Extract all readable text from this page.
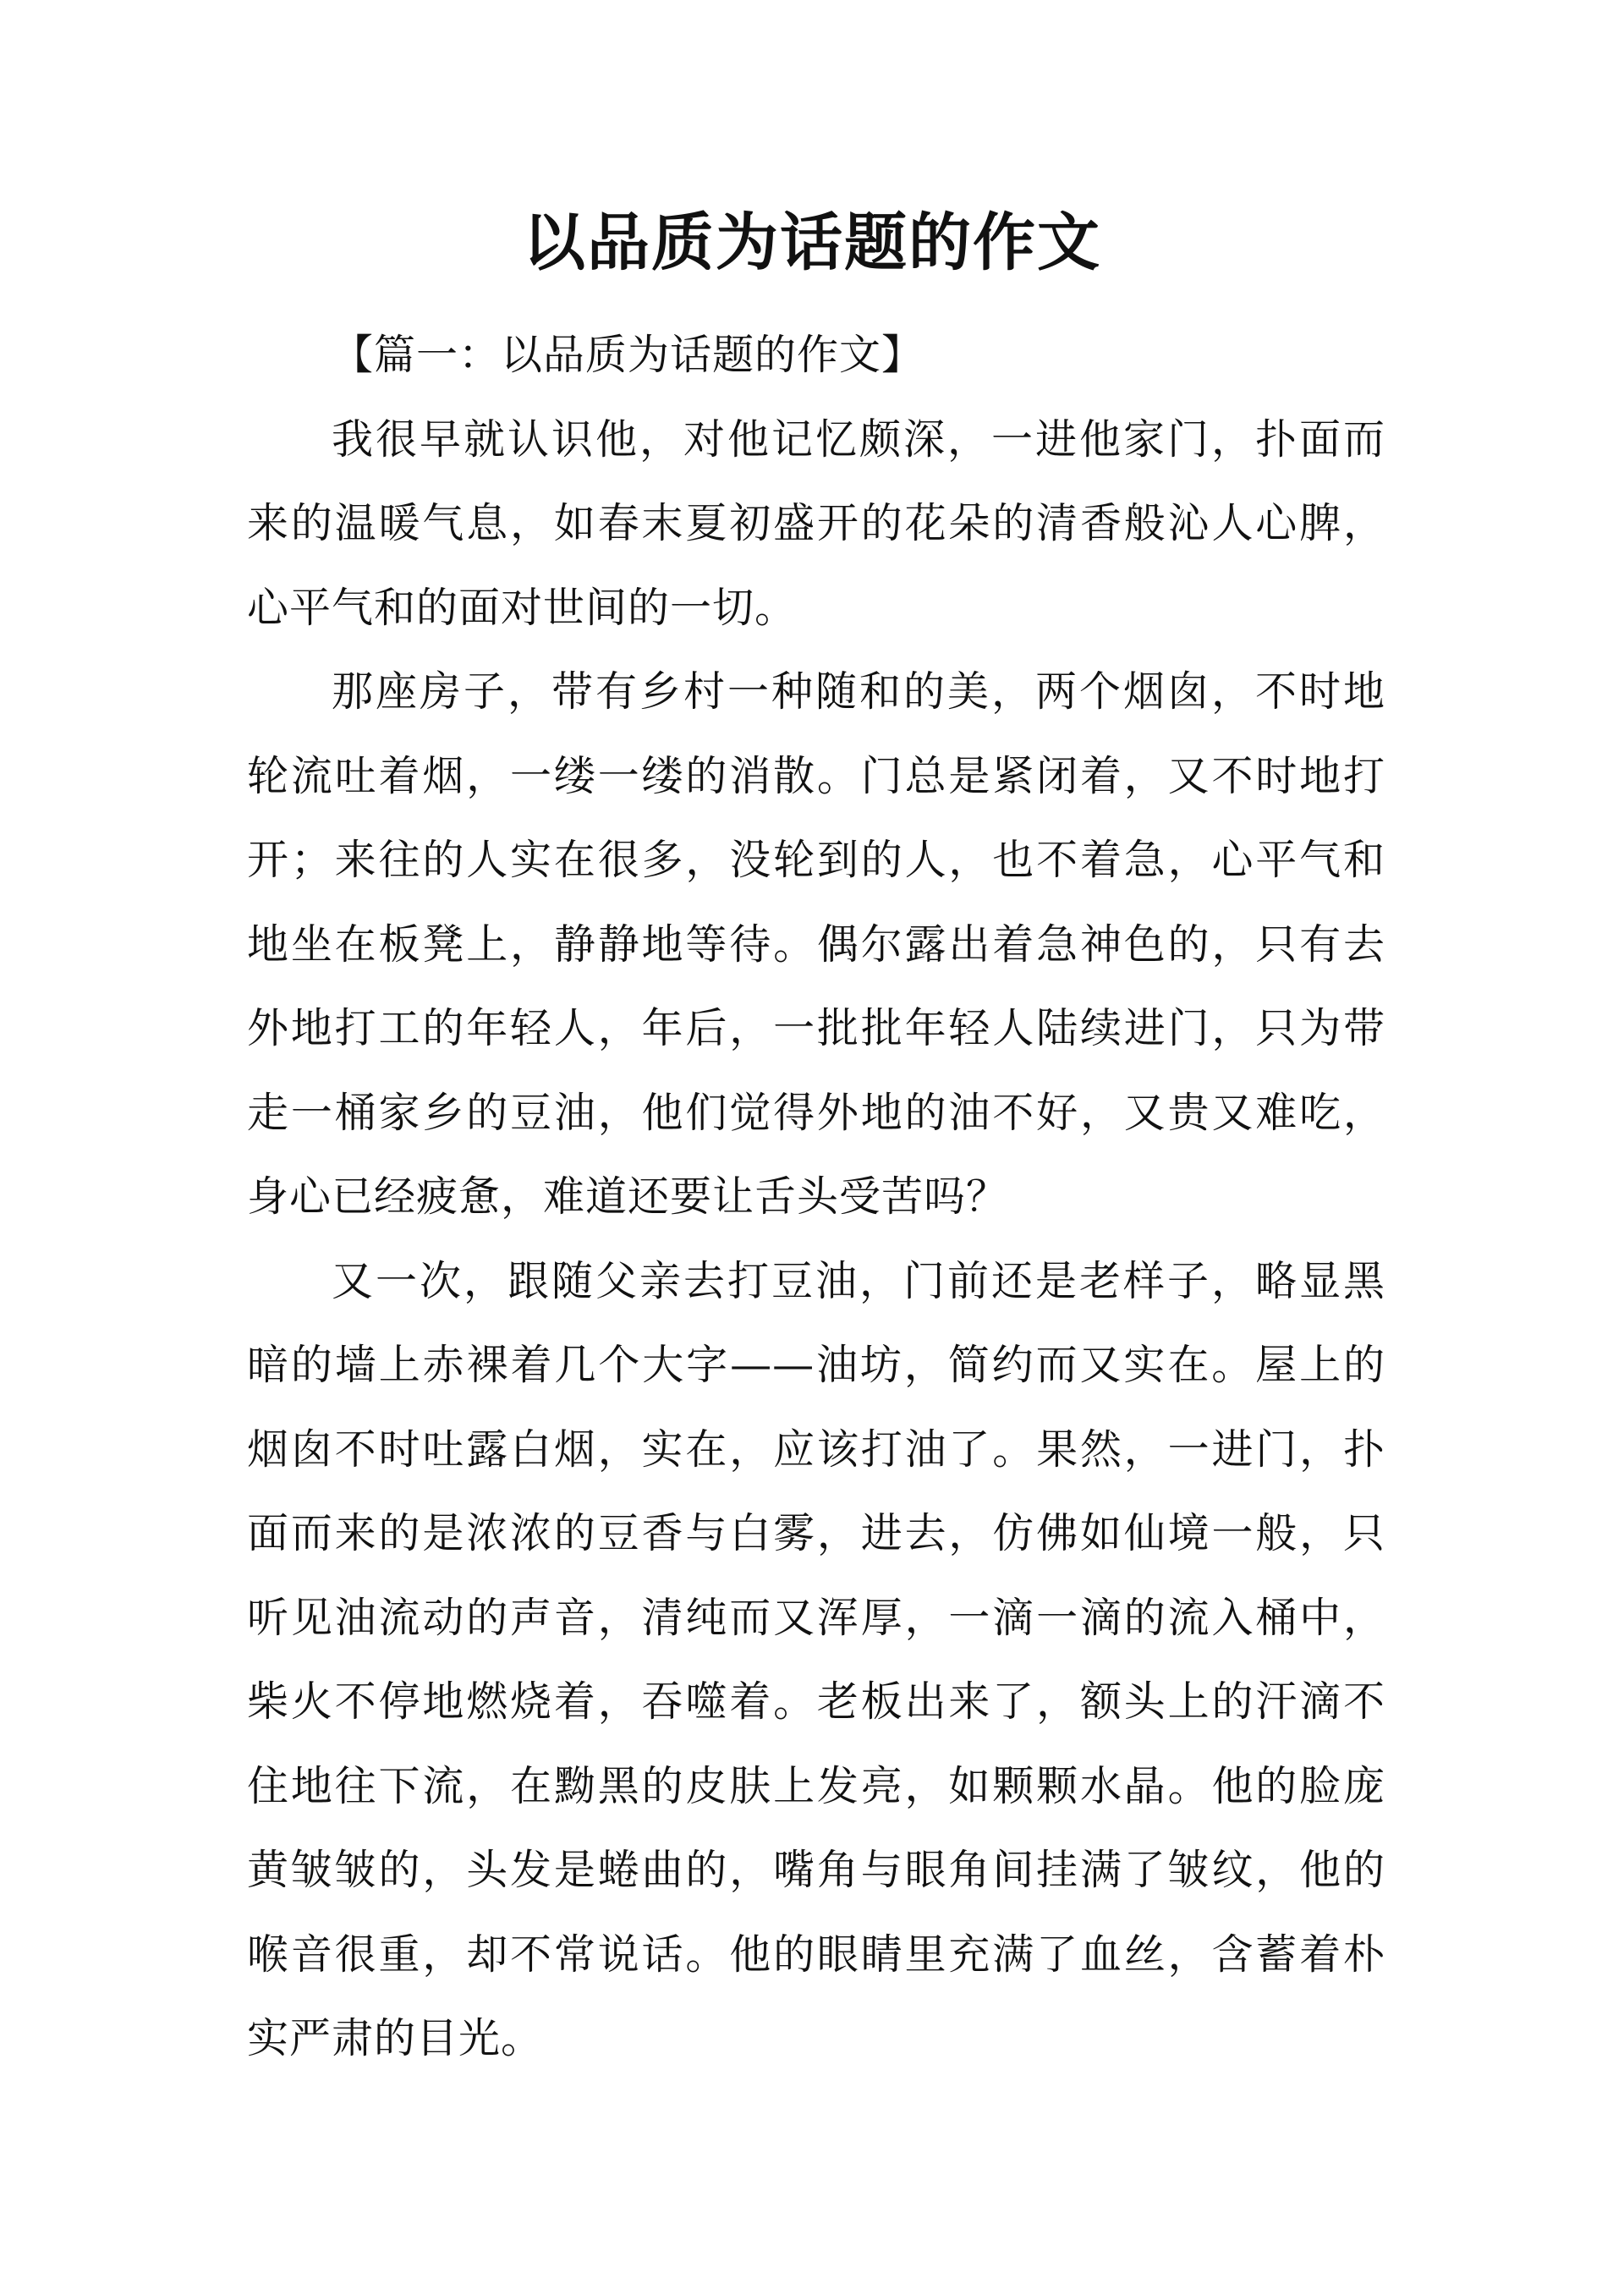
以品质为话题的作文

【篇一：以品质为话题的作文】

我很早就认识他，对他记忆颇深，一进他家门，扑面而来的温暖气息，如春末夏初盛开的花朵的清香般沁人心脾，心平气和的面对世间的一切。

那座房子，带有乡村一种随和的美，两个烟囱，不时地轮流吐着烟，一缕一缕的消散。门总是紧闭着，又不时地打开；来往的人实在很多，没轮到的人，也不着急，心平气和地坐在板凳上，静静地等待。偶尔露出着急神色的，只有去外地打工的年轻人，年后，一批批年轻人陆续进门，只为带走一桶家乡的豆油，他们觉得外地的油不好，又贵又难吃，身心已经疲惫，难道还要让舌头受苦吗？

又一次，跟随父亲去打豆油，门前还是老样子，略显黑暗的墙上赤裸着几个大字——油坊，简约而又实在。屋上的烟囱不时吐露白烟，实在，应该打油了。果然，一进门，扑面而来的是浓浓的豆香与白雾，进去，仿佛如仙境一般，只听见油流动的声音，清纯而又浑厚，一滴一滴的流入桶中，柴火不停地燃烧着，吞噬着。老板出来了，额头上的汗滴不住地往下流，在黝黑的皮肤上发亮，如颗颗水晶。他的脸庞黄皱皱的，头发是蜷曲的，嘴角与眼角间挂满了皱纹，他的喉音很重，却不常说话。他的眼睛里充满了血丝，含蓄着朴实严肃的目光。
